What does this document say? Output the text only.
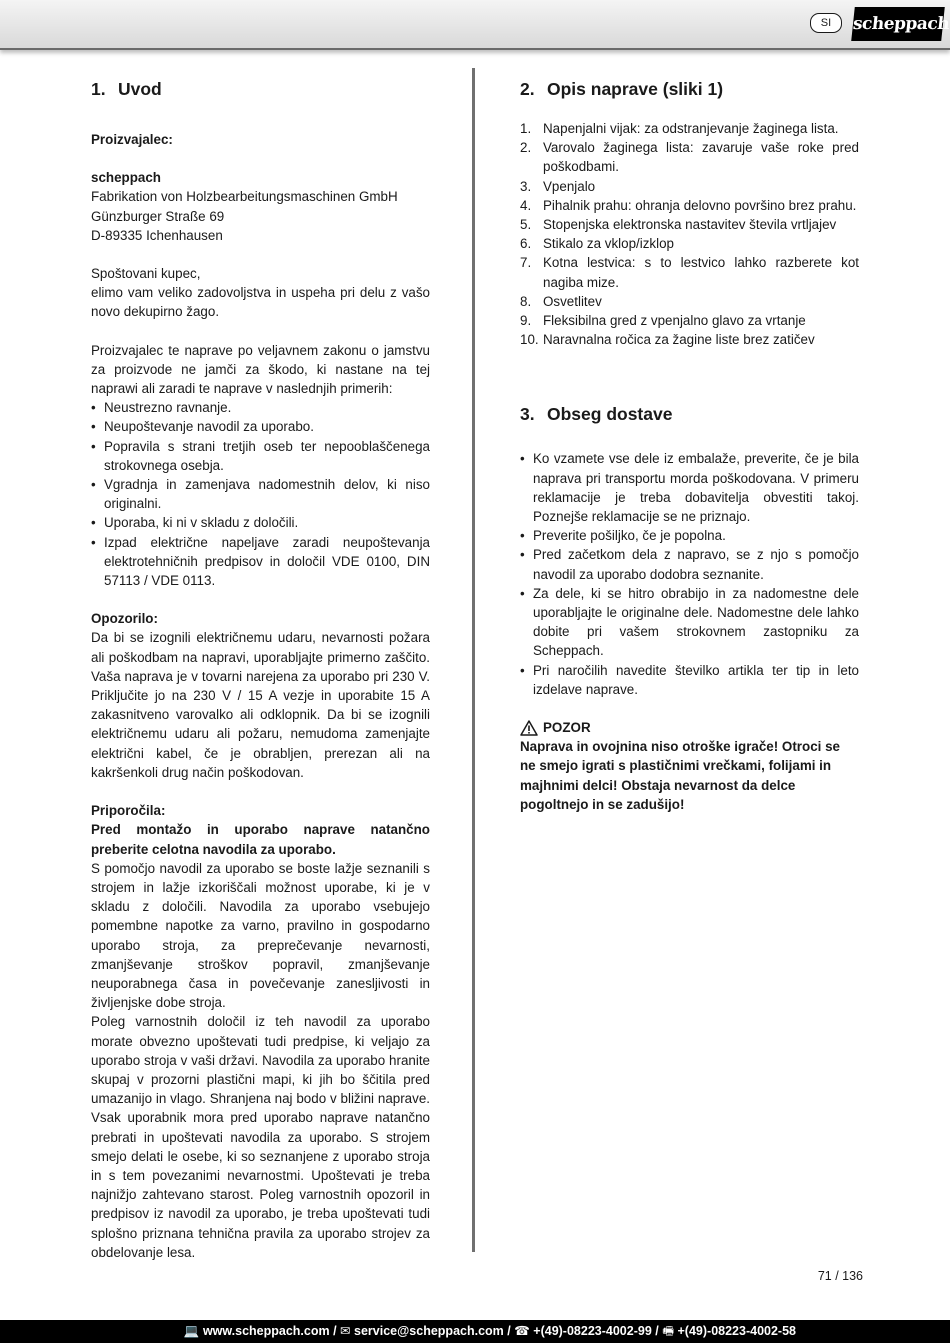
SI	scheppach
1. Uvod

Proizvajalec:

scheppach

Fabrikation von Holzbearbeitungsmaschinen GmbH

Günzburger Straße 69

D-89335 Ichenhausen

Spoštovani kupec,

elimo vam veliko zadovoljstva in uspeha pri delu z vašo novo dekupirno žago.

Proizvajalec te naprave po veljavnem zakonu o jamstvu za proizvode ne jamči za škodo, ki nastane na tej naprawi ali zaradi te naprave v naslednjih primerih:

• Neustrezno ravnanje.
• Neupoštevanje navodil za uporabo.
• Popravila s strani tretjih oseb ter nepooblaščenega strokovnega osebja.
• Vgradnja in zamenjava nadomestnih delov, ki niso originalni.
• Uporaba, ki ni v skladu z določili.
• Izpad električne napeljave zaradi neupoštevanja elektrotehničnih predpisov in določil VDE 0100, DIN 57113 / VDE 0113.

Opozorilo:

Da bi se izognili električnemu udaru, nevarnosti požara ali poškodbam na napravi, uporabljajte primerno zaščito. Vaša naprava je v tovarni narejena za uporabo pri 230 V. Priključite jo na 230 V / 15 A vezje in uporabite 15 A zakasnitveno varovalko ali odklopnik. Da bi se izognili električnemu udaru ali požaru, nemudoma zamenjajte električni kabel, če je obrabljen, prerezan ali na kakršenkoli drug način poškodovan.

Priporočila:

Pred montažo in uporabo naprave natančno preberite celotna navodila za uporabo.

S pomočjo navodil za uporabo se boste lažje seznanili s strojem in lažje izkoriščali možnost uporabe, ki je v skladu z določili. Navodila za uporabo vsebujejo pomembne napotke za varno, pravilno in gospodarno uporabo stroja, za preprečevanje nevarnosti, zmanjševanje stroškov popravil, zmanjševanje neuporabnega časa in povečevanje zanesljivosti in življenjske dobe stroja.

Poleg varnostnih določil iz teh navodil za uporabo morate obvezno upoštevati tudi predpise, ki veljajo za uporabo stroja v vaši državi. Navodila za uporabo hranite skupaj v prozorni plastični mapi, ki jih bo ščitila pred umazanijo in vlago. Shranjena naj bodo v bližini naprave. Vsak uporabnik mora pred uporabo naprave natančno prebrati in upoštevati navodila za uporabo. S strojem smejo delati le osebe, ki so seznanjene z uporabo stroja in s tem povezanimi nevarnostmi. Upoštevati je treba najnižjo zahtevano starost. Poleg varnostnih opozoril in predpisov iz navodil za uporabo, je treba upoštevati tudi splošno priznana tehnična pravila za uporabo strojev za obdelovanje lesa.

2. Opis naprave (sliki 1)
1. Napenjalni vijak: za odstranjevanje žaginega lista.
2. Varovalo žaginega lista: zavaruje vaše roke pred poškodbami.
3. Vpenjalo
4. Pihalnik prahu: ohranja delovno površino brez prahu.
5. Stopenjska elektronska nastavitev števila vrtljajev
6. Stikalo za vklop/izklop
7. Kotna lestvica: s to lestvico lahko razberete kot nagiba mize.
8. Osvetlitev
9. Fleksibilna gred z vpenjalno glavo za vrtanje
10. Naravnalna ročica za žagine liste brez zatičev
3. Obseg dostave
• Ko vzamete vse dele iz embalaže, preverite, če je bila naprava pri transportu morda poškodovana. V primeru reklamacije je treba dobavitelja obvestiti takoj. Poznejše reklamacije se ne priznajo.
• Preverite pošiljko, če je popolna.
• Pred začetkom dela z napravo, se z njo s pomočjo navodil za uporabo dodobra seznanite.
• Za dele, ki se hitro obrabijo in za nadomestne dele uporabljajte le originalne dele. Nadomestne dele lahko dobite pri vašem strokovnem zastopniku za Scheppach.
• Pri naročilih navedite številko artikla ter tip in leto izdelave naprave.
POZOR

Naprava in ovojnina niso otroške igrače! Otroci se ne smejo igrati s plastičnimi vrečkami, folijami in majhnimi delci! Obstaja nevarnost da delce pogoltnejo in se zadušijo!

71 / 136
💻 www.scheppach.com / ✉ service@scheppach.com / ☎ +(49)-08223-4002-99 / 🖷 +(49)-08223-4002-58
